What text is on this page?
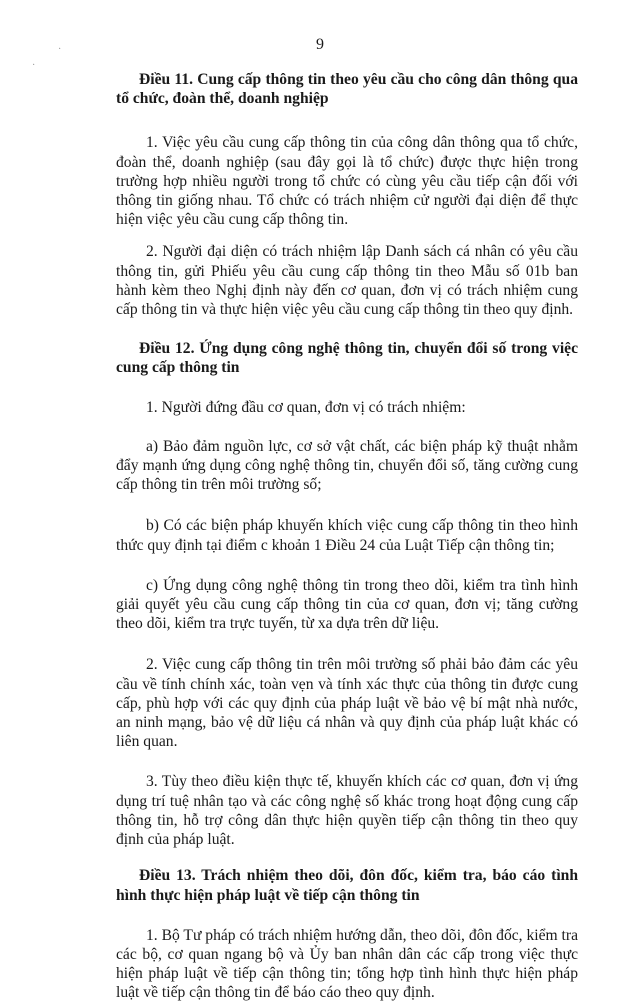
·
·
9

Điều 11. Cung cấp thông tin theo yêu cầu cho công dân thông qua tổ chức, đoàn thể, doanh nghiệp

1. Việc yêu cầu cung cấp thông tin của công dân thông qua tổ chức, đoàn thể, doanh nghiệp (sau đây gọi là tổ chức) được thực hiện trong trường hợp nhiều người trong tổ chức có cùng yêu cầu tiếp cận đối với thông tin giống nhau. Tổ chức có trách nhiệm cử người đại diện để thực hiện việc yêu cầu cung cấp thông tin.

2. Người đại diện có trách nhiệm lập Danh sách cá nhân có yêu cầu thông tin, gửi Phiếu yêu cầu cung cấp thông tin theo Mẫu số 01b ban hành kèm theo Nghị định này đến cơ quan, đơn vị có trách nhiệm cung cấp thông tin và thực hiện việc yêu cầu cung cấp thông tin theo quy định.

Điều 12. Ứng dụng công nghệ thông tin, chuyển đổi số trong việc cung cấp thông tin

1. Người đứng đầu cơ quan, đơn vị có trách nhiệm:

a) Bảo đảm nguồn lực, cơ sở vật chất, các biện pháp kỹ thuật nhằm đẩy mạnh ứng dụng công nghệ thông tin, chuyển đổi số, tăng cường cung cấp thông tin trên môi trường số;

b) Có các biện pháp khuyến khích việc cung cấp thông tin theo hình thức quy định tại điểm c khoản 1 Điều 24 của Luật Tiếp cận thông tin;

c) Ứng dụng công nghệ thông tin trong theo dõi, kiểm tra tình hình giải quyết yêu cầu cung cấp thông tin của cơ quan, đơn vị; tăng cường theo dõi, kiểm tra trực tuyến, từ xa dựa trên dữ liệu.

2. Việc cung cấp thông tin trên môi trường số phải bảo đảm các yêu cầu về tính chính xác, toàn vẹn và tính xác thực của thông tin được cung cấp, phù hợp với các quy định của pháp luật về bảo vệ bí mật nhà nước, an ninh mạng, bảo vệ dữ liệu cá nhân và quy định của pháp luật khác có liên quan.

3. Tùy theo điều kiện thực tế, khuyến khích các cơ quan, đơn vị ứng dụng trí tuệ nhân tạo và các công nghệ số khác trong hoạt động cung cấp thông tin, hỗ trợ công dân thực hiện quyền tiếp cận thông tin theo quy định của pháp luật.

Điều 13. Trách nhiệm theo dõi, đôn đốc, kiểm tra, báo cáo tình hình thực hiện pháp luật về tiếp cận thông tin

1. Bộ Tư pháp có trách nhiệm hướng dẫn, theo dõi, đôn đốc, kiểm tra các bộ, cơ quan ngang bộ và Ủy ban nhân dân các cấp trong việc thực hiện pháp luật về tiếp cận thông tin; tổng hợp tình hình thực hiện pháp luật về tiếp cận thông tin để báo cáo theo quy định.
